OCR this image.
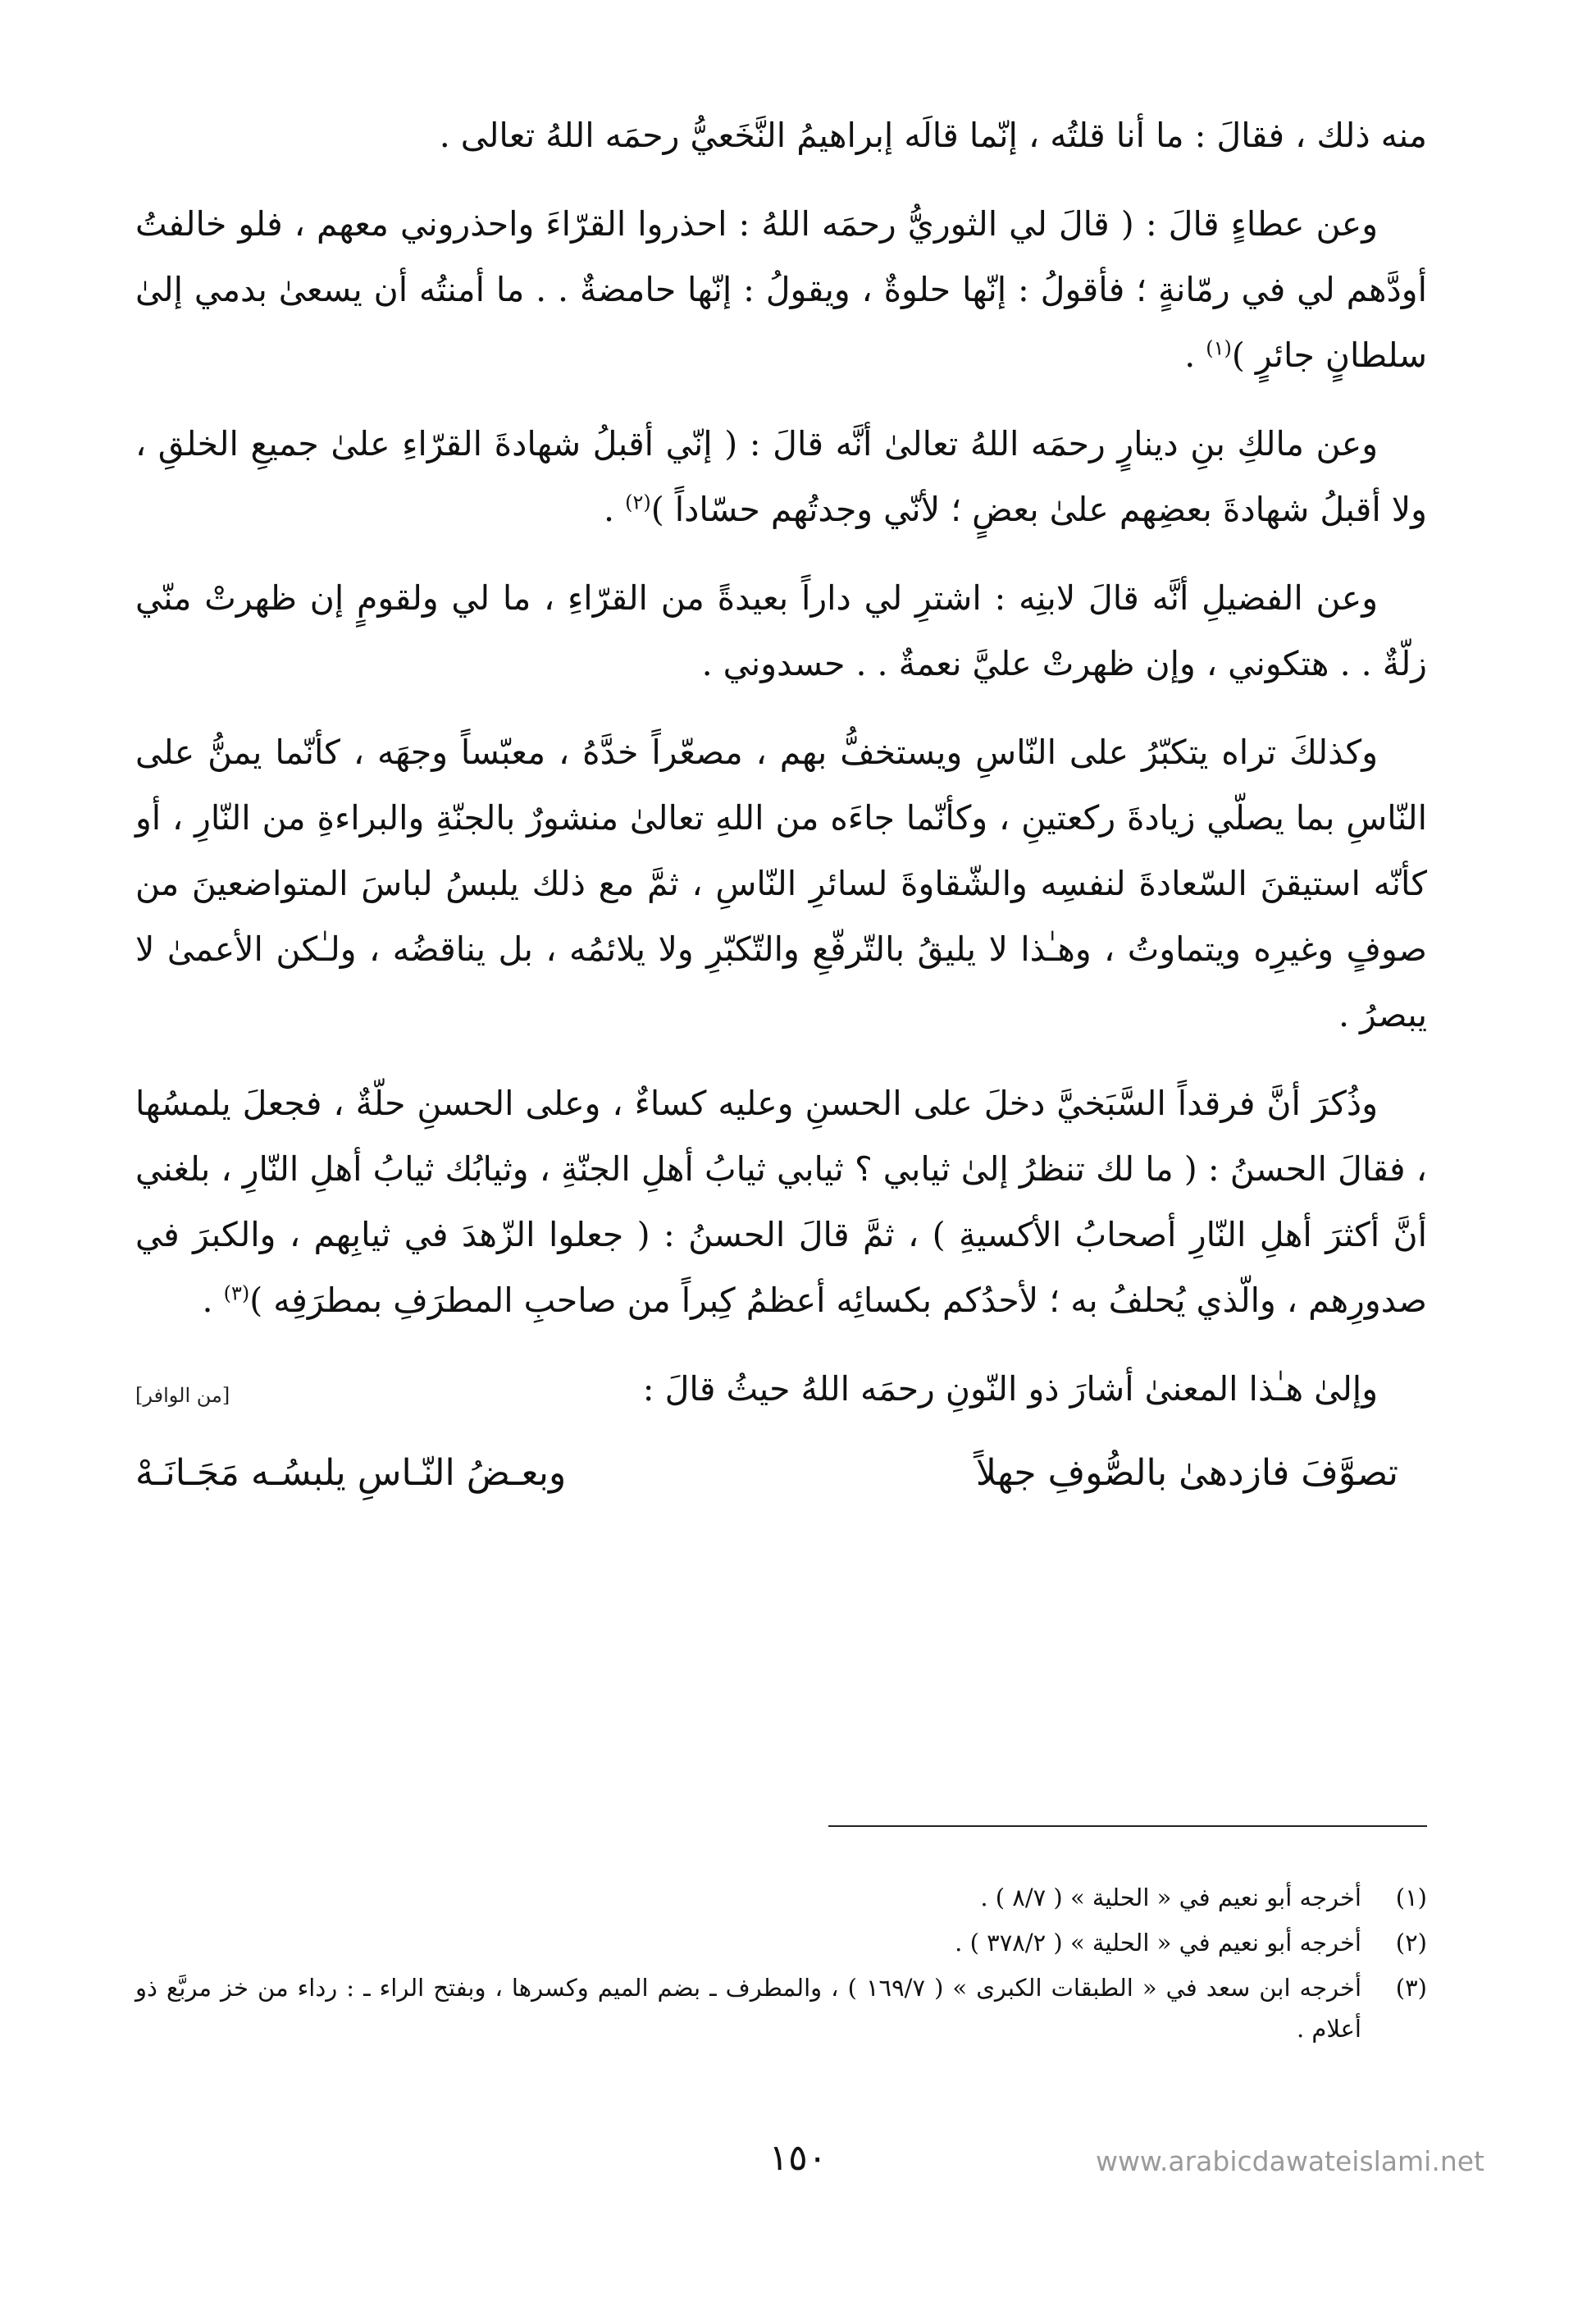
منه ذلك ، فقالَ : ما أنا قلتُه ، إنّما قالَه إبراهيمُ النَّخَعيُّ رحمَه اللهُ تعالى .

وعن عطاءٍ قالَ : ( قالَ لي الثوريُّ رحمَه اللهُ : احذروا القرّاءَ واحذروني معهم ، فلو خالفتُ أودَّهم لي في رمّانةٍ ؛ فأقولُ : إنّها حلوةٌ ، ويقولُ : إنّها حامضةٌ . . ما أمنتُه أن يسعىٰ بدمي إلىٰ سلطانٍ جائرٍ )$^{(١)}$ .

وعن مالكِ بنِ دينارٍ رحمَه اللهُ تعالىٰ أنَّه قالَ : ( إنّي أقبلُ شهادةَ القرّاءِ علىٰ جميعِ الخلقِ ، ولا أقبلُ شهادةَ بعضِهم علىٰ بعضٍ ؛ لأنّي وجدتُهم حسّاداً )$^{(٢)}$ .

وعن الفضيلِ أنَّه قالَ لابنِه : اشترِ لي داراً بعيدةً من القرّاءِ ، ما لي ولقومٍ إن ظهرتْ منّي زلّةٌ . . هتكوني ، وإن ظهرتْ عليَّ نعمةٌ . . حسدوني .

وكذلكَ تراه يتكبّرُ على النّاسِ ويستخفُّ بهم ، مصعّراً خدَّهُ ، معبّساً وجهَه ، كأنّما يمنُّ على النّاسِ بما يصلّي زيادةَ ركعتينِ ، وكأنّما جاءَه من اللهِ تعالىٰ منشورٌ بالجنّةِ والبراءةِ من النّارِ ، أو كأنّه استيقنَ السّعادةَ لنفسِه والشّقاوةَ لسائرِ النّاسِ ، ثمَّ مع ذلك يلبسُ لباسَ المتواضعينَ من صوفٍ وغيرِه ويتماوتُ ، وهـٰذا لا يليقُ بالتّرفّعِ والتّكبّرِ ولا يلائمُه ، بل يناقضُه ، ولـٰكن الأعمىٰ لا يبصرُ .

وذُكرَ أنَّ فرقداً السَّبَخيَّ دخلَ على الحسنِ وعليه كساءٌ ، وعلى الحسنِ حلّةٌ ، فجعلَ يلمسُها ، فقالَ الحسنُ : ( ما لك تنظرُ إلىٰ ثيابي ؟ ثيابي ثيابُ أهلِ الجنّةِ ، وثيابُك ثيابُ أهلِ النّارِ ، بلغني أنَّ أكثرَ أهلِ النّارِ أصحابُ الأكسيةِ ) ، ثمَّ قالَ الحسنُ : ( جعلوا الزّهدَ في ثيابِهم ، والكبرَ في صدورِهم ، والّذي يُحلفُ به ؛ لأحدُكم بكسائِه أعظمُ كِبراً من صاحبِ المطرَفِ بمطرَفِه )$^{(٣)}$ .

وإلىٰ هـٰذا المعنىٰ أشارَ ذو النّونِ رحمَه اللهُ حيثُ قالَ :
[من الوافر]
تصوَّفَ فازدهىٰ بالصُّوفِ جهلاً
وبعـضُ النّـاسِ يلبسُـه مَجَـانَـهْ
(١)
أخرجه أبو نعيم في « الحلية » ( ٨/٧ ) .
(٢)
أخرجه أبو نعيم في « الحلية » ( ٣٧٨/٢ ) .
(٣)
أخرجه ابن سعد في « الطبقات الكبرى » ( ١٦٩/٧ ) ، والمطرف ـ بضم الميم وكسرها ، وبفتح الراء ـ : رداء من خز مربَّع ذو أعلام .
١٥٠	www.arabicdawateislami.net
